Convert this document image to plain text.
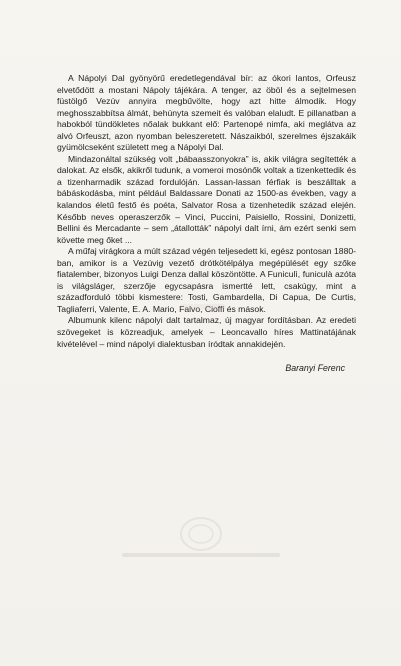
A Nápolyi Dal gyönyörű eredetlegendával bír: az ókori lantos, Orfeusz elvetődött a mostani Nápoly tájékára. A tenger, az öböl és a sejtelmesen füstölgő Vezúv annyira megbűvölte, hogy azt hitte álmodik. Hogy meghosszabbítsa álmát, behúnyta szemeit és valóban elaludt. E pillanatban a habokból tündökletes nőalak bukkant elő: Partenopé nimfa, aki meglátva az alvó Orfeuszt, azon nyomban beleszeretett. Nászaikból, szerelmes éjszakáik gyümölcseként született meg a Nápolyi Dal.

Mindazonáltal szükség volt „bábaasszonyokra” is, akik világra segítették a dalokat. Az elsők, akikről tudunk, a vomeroi mosónők voltak a tizenkettedik és a tizenharmadik század fordulóján. Lassan-lassan férfiak is beszálltak a bábáskodásba, mint például Baldassare Donati az 1500-as években, vagy a kalandos életű festő és poéta, Salvator Rosa a tizenhetedik század elején. Később neves operaszerzők – Vinci, Puccini, Paisiello, Rossini, Donizetti, Bellini és Mercadante – sem „átallották” nápolyi dalt írni, ám ezért senki sem követte meg őket ...

A műfaj virágkora a múlt század végén teljesedett ki, egész pontosan 1880-ban, amikor is a Vezúvig vezető drótkötélpálya megépülését egy szőke fiatalember, bizonyos Luigi Denza dallal köszöntötte. A Funiculì, funiculà azóta is világsláger, szerzője egycsapásra ismertté lett, csakúgy, mint a századforduló többi kismestere: Tosti, Gambardella, Di Capua, De Curtis, Tagliaferri, Valente, E. A. Mario, Falvo, Cioffi és mások.

Albumunk kilenc nápolyi dalt tartalmaz, új magyar fordításban. Az eredeti szövegeket is közreadjuk, amelyek – Leoncavallo híres Mattinatájának kivételével – mind nápolyi dialektusban íródtak annakidején.

Baranyi Ferenc
